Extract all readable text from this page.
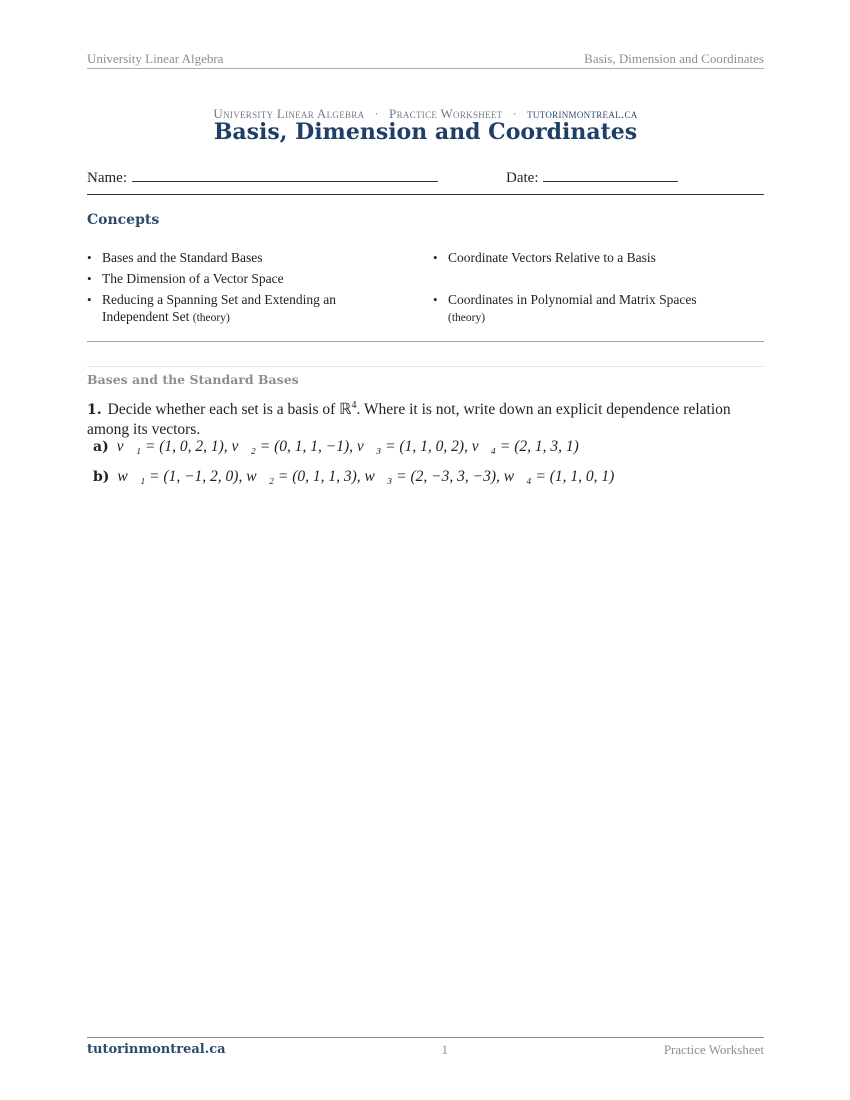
University Linear Algebra	Basis, Dimension and Coordinates
University Linear Algebra · Practice Worksheet · tutorinmontreal.ca
Basis, Dimension and Coordinates
Name:	Date:
Concepts
• Bases and the Standard Bases
• The Dimension of a Vector Space
• Reducing a Spanning Set and Extending an Independent Set (theory)
• Coordinate Vectors Relative to a Basis
• Coordinates in Polynomial and Matrix Spaces (theory)
Bases and the Standard Bases
1. Decide whether each set is a basis of ℝ$^4$. Where it is not, write down an explicit dependence relation among its vectors.
a) v⃗₁ = (1, 0, 2, 1), v⃗₂ = (0, 1, 1, −1), v⃗₃ = (1, 1, 0, 2), v⃗₄ = (2, 1, 3, 1)
b) w⃗₁ = (1, −1, 2, 0), w⃗₂ = (0, 1, 1, 3), w⃗₃ = (2, −3, 3, −3), w⃗₄ = (1, 1, 0, 1)
tutorinmontreal.ca	1	Practice Worksheet
